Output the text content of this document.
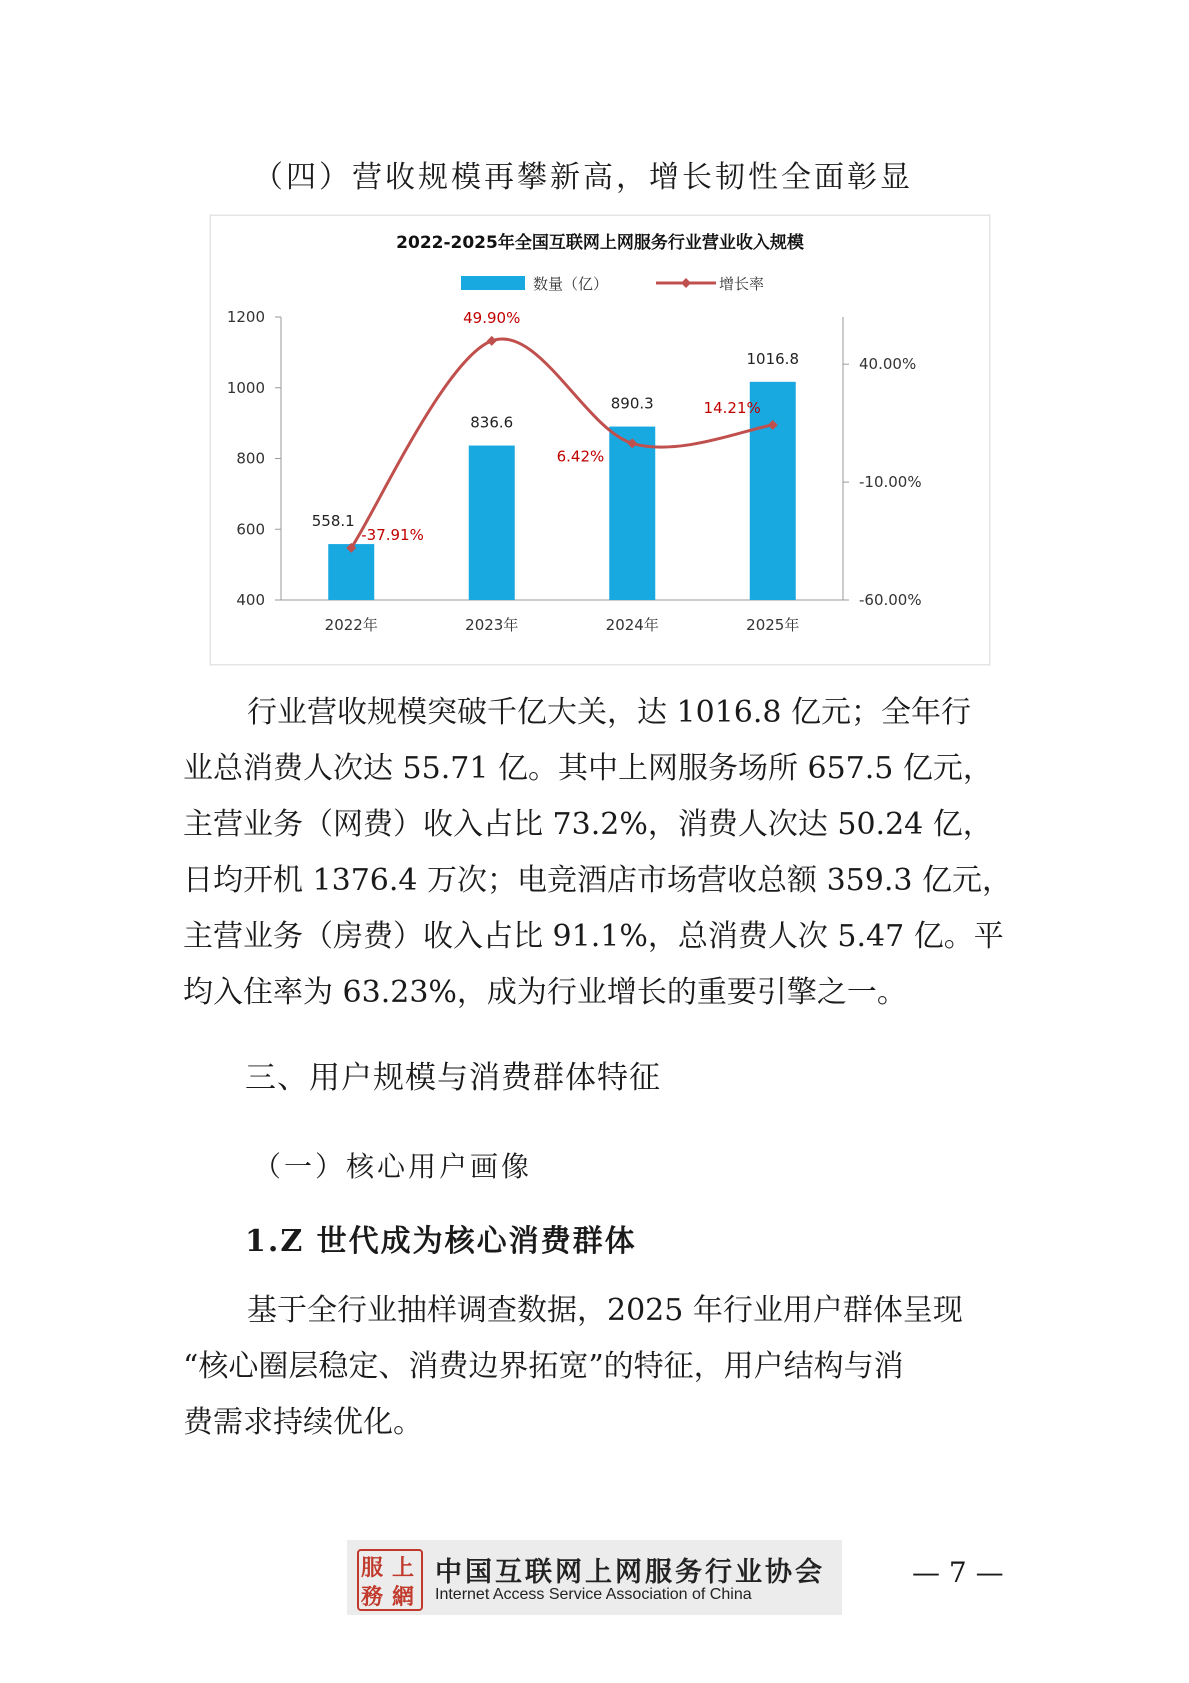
（四）营收规模再攀新高，增长韧性全面彰显
2022-2025年全国互联网上网服务行业营业收入规模
数量（亿）	增长率
400
600
800
1000
1200
-60.00%
-10.00%
40.00%
558.1
2022年
836.6
2023年
890.3
2024年
1016.8
2025年
-37.91%
49.90%
6.42%
14.21%
行业营收规模突破千亿大关，达 1016.8 亿元；全年行
业总消费人次达 55.71 亿。其中上网服务场所 657.5 亿元，
主营业务（网费）收入占比 73.2%，消费人次达 50.24 亿，
日均开机 1376.4 万次；电竞酒店市场营收总额 359.3 亿元，
主营业务（房费）收入占比 91.1%，总消费人次 5.47 亿。平
均入住率为 63.23%，成为行业增长的重要引擎之一。
三、用户规模与消费群体特征
（一）核心用户画像
1.Z 世代成为核心消费群体
基于全行业抽样调查数据，2025 年行业用户群体呈现
“核心圈层稳定、消费边界拓宽”的特征，用户结构与消
费需求持续优化。
服 上
務 網
中国互联网上网服务行业协会
Internet Access Service Association of China
— 7 —
